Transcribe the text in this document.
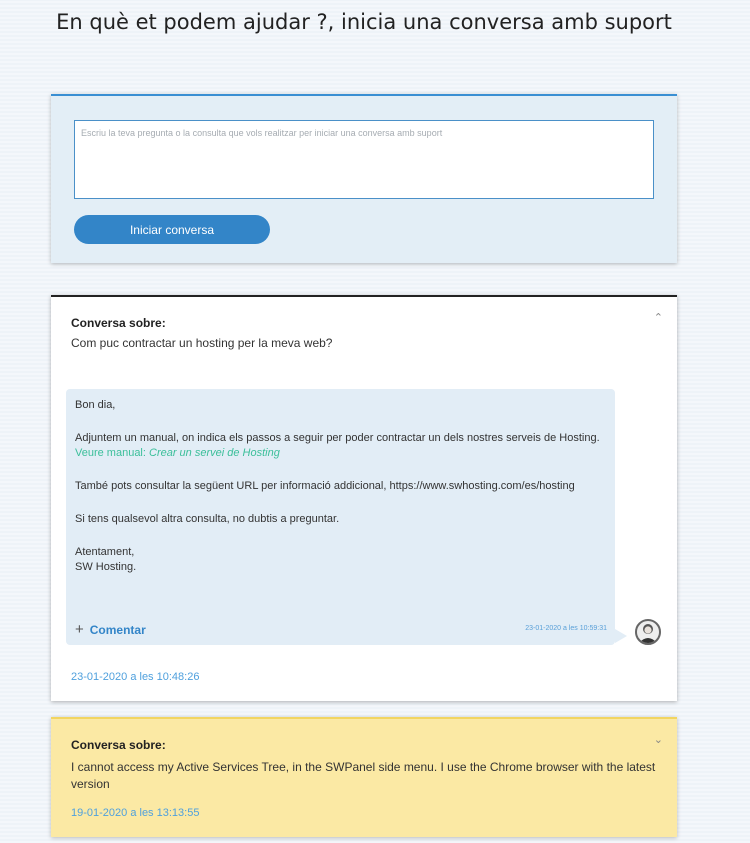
En què et podem ajudar ?, inicia una conversa amb suport
Escriu la teva pregunta o la consulta que vols realitzar per iniciar una conversa amb suport
Iniciar conversa
Conversa sobre:
Com puc contractar un hosting per la meva web?
⌃

Bon dia,

Adjuntem un manual, on indica els passos a seguir per poder contractar un dels nostres serveis de Hosting.

Veure manual: Crear un servei de Hosting

També pots consultar la següent URL per informació addicional, https://www.swhosting.com/es/hosting

Si tens qualsevol altra consulta, no dubtis a preguntar.

Atentament,

SW Hosting.

+ Comentar	23-01-2020 a les 10:59:31
23-01-2020 a les 10:48:26
Conversa sobre:
I cannot access my Active Services Tree, in the SWPanel side menu. I use the Chrome browser with the latest version
⌄
19-01-2020 a les 13:13:55
